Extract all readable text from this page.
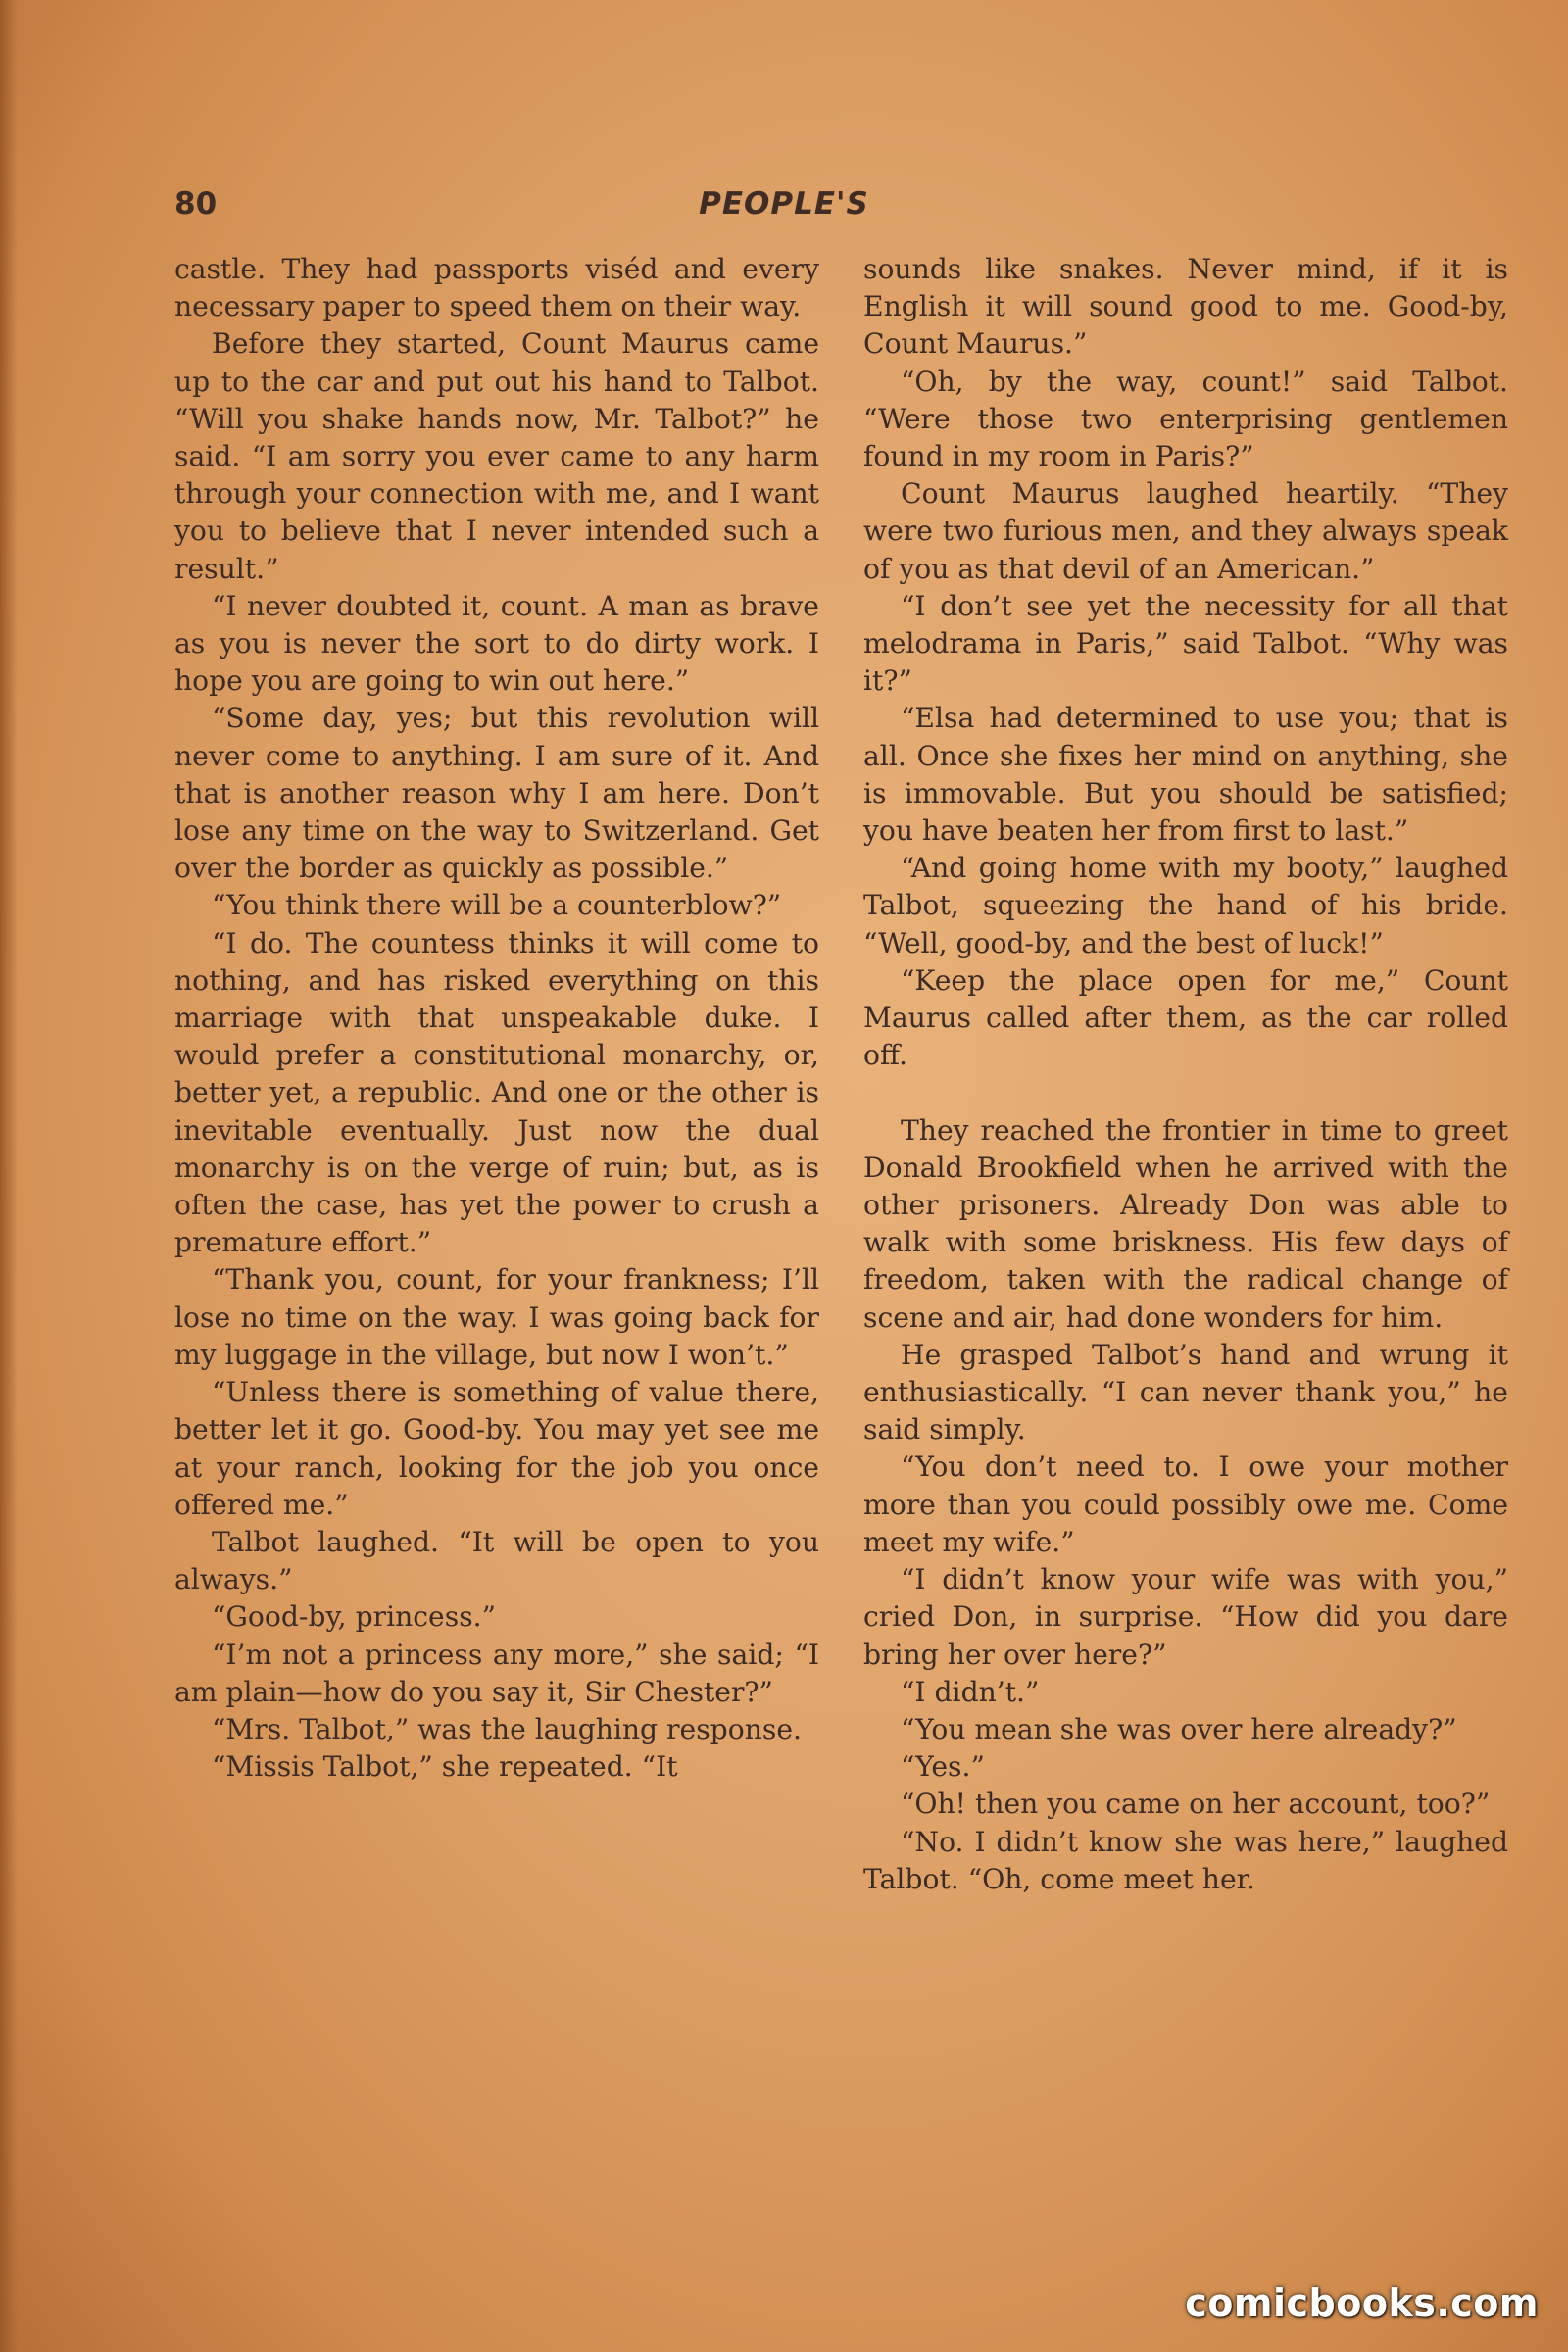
80	PEOPLE'S

castle. They had passports viséd and every necessary paper to speed them on their way.

Before they started, Count Maurus came up to the car and put out his hand to Talbot. “Will you shake hands now, Mr. Talbot?” he said. “I am sorry you ever came to any harm through your connection with me, and I want you to believe that I never intended such a result.”

“I never doubted it, count. A man as brave as you is never the sort to do dirty work. I hope you are going to win out here.”

“Some day, yes; but this revolution will never come to anything. I am sure of it. And that is another reason why I am here. Don’t lose any time on the way to Switzerland. Get over the border as quickly as possible.”

“You think there will be a counterblow?”

“I do. The countess thinks it will come to nothing, and has risked everything on this marriage with that unspeakable duke. I would prefer a constitutional monarchy, or, better yet, a republic. And one or the other is inevitable eventually. Just now the dual monarchy is on the verge of ruin; but, as is often the case, has yet the power to crush a premature effort.”

“Thank you, count, for your frankness; I’ll lose no time on the way. I was going back for my luggage in the village, but now I won’t.”

“Unless there is something of value there, better let it go. Good-by. You may yet see me at your ranch, looking for the job you once offered me.”

Talbot laughed. “It will be open to you always.”

“Good-by, princess.”

“I’m not a princess any more,” she said; “I am plain—how do you say it, Sir Chester?”

“Mrs. Talbot,” was the laughing response.

“Missis Talbot,” she repeated. “It

sounds like snakes. Never mind, if it is English it will sound good to me. Good-by, Count Maurus.”

“Oh, by the way, count!” said Talbot. “Were those two enterprising gentlemen found in my room in Paris?”

Count Maurus laughed heartily. “They were two furious men, and they always speak of you as that devil of an American.”

“I don’t see yet the necessity for all that melodrama in Paris,” said Talbot. “Why was it?”

“Elsa had determined to use you; that is all. Once she fixes her mind on anything, she is immovable. But you should be satisfied; you have beaten her from first to last.”

“And going home with my booty,” laughed Talbot, squeezing the hand of his bride. “Well, good-by, and the best of luck!”

“Keep the place open for me,” Count Maurus called after them, as the car rolled off.

They reached the frontier in time to greet Donald Brookfield when he arrived with the other prisoners. Already Don was able to walk with some briskness. His few days of freedom, taken with the radical change of scene and air, had done wonders for him.

He grasped Talbot’s hand and wrung it enthusiastically. “I can never thank you,” he said simply.

“You don’t need to. I owe your mother more than you could possibly owe me. Come meet my wife.”

“I didn’t know your wife was with you,” cried Don, in surprise. “How did you dare bring her over here?”

“I didn’t.”

“You mean she was over here already?”

“Yes.”

“Oh! then you came on her account, too?”

“No. I didn’t know she was here,” laughed Talbot. “Oh, come meet her.

comicbooks.com
